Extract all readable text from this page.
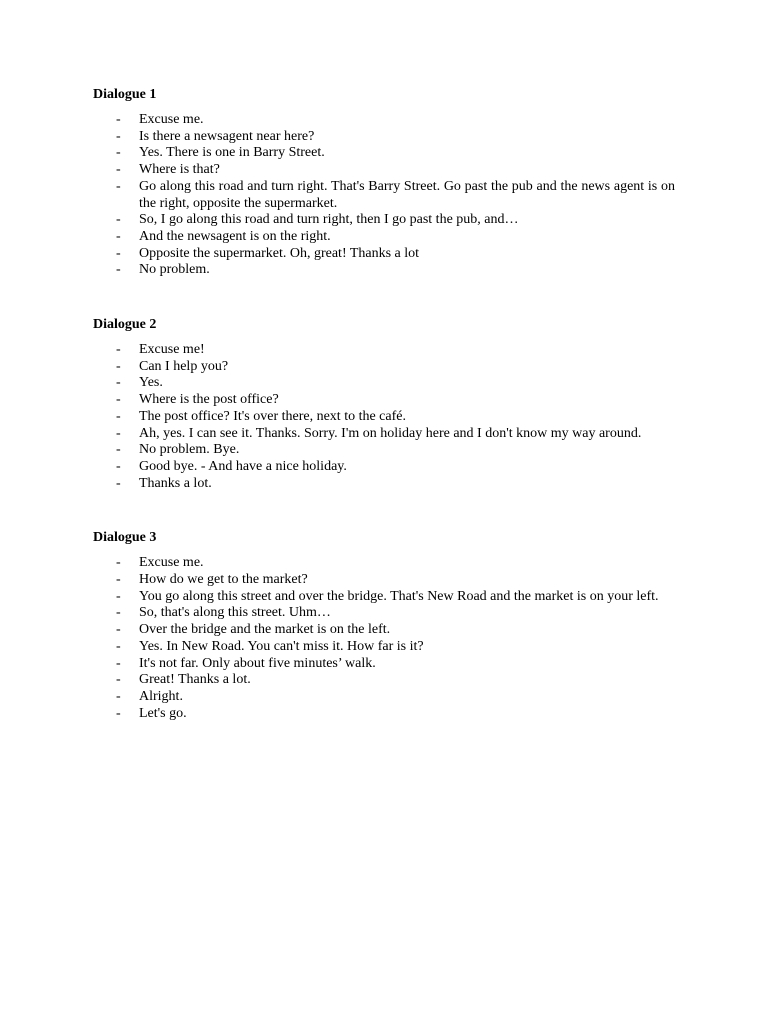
Dialogue 1
- Excuse me.
- Is there a newsagent near here?
- Yes. There is one in Barry Street.
- Where is that?
- Go along this road and turn right. That's Barry Street. Go past the pub and the news agent is on the right, opposite the supermarket.
- So, I go along this road and turn right, then I go past the pub, and…
- And the newsagent is on the right.
- Opposite the supermarket. Oh, great! Thanks a lot
- No problem.
Dialogue 2
- Excuse me!
- Can I help you?
- Yes.
- Where is the post office?
- The post office? It's over there, next to the café.
- Ah, yes. I can see it. Thanks. Sorry. I'm on holiday here and I don't know my way around.
- No problem. Bye.
- Good bye. - And have a nice holiday.
- Thanks a lot.
Dialogue 3
- Excuse me.
- How do we get to the market?
- You go along this street and over the bridge. That's New Road and the market is on your left.
- So, that's along this street. Uhm…
- Over the bridge and the market is on the left.
- Yes. In New Road. You can't miss it. How far is it?
- It's not far. Only about five minutes’ walk.
- Great! Thanks a lot.
- Alright.
- Let's go.
